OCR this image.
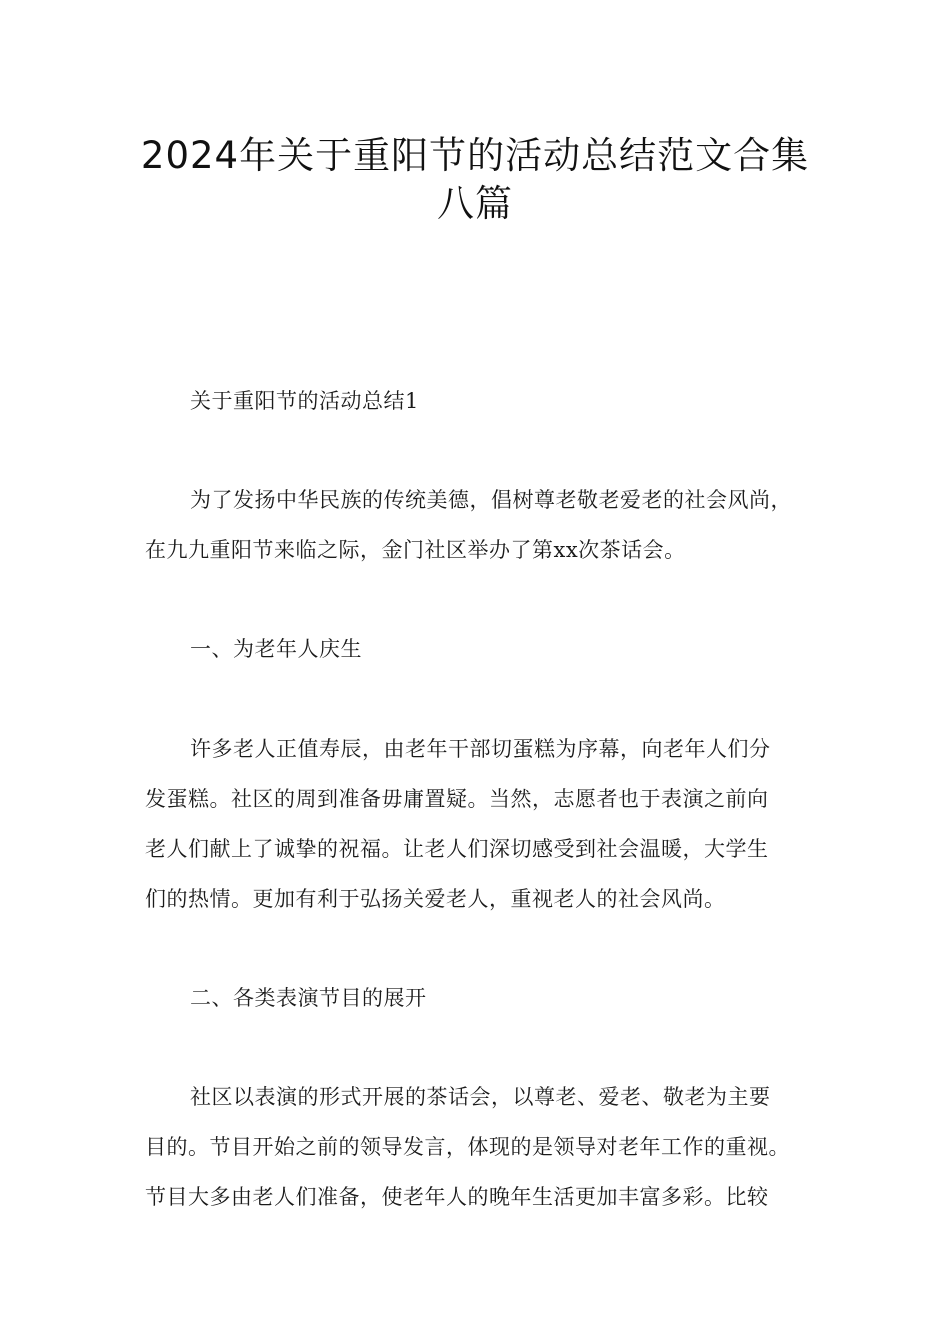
2024年关于重阳节的活动总结范文合集
八篇
关于重阳节的活动总结1
为了发扬中华民族的传统美德，倡树尊老敬老爱老的社会风尚，
在九九重阳节来临之际，金门社区举办了第xx次茶话会。
一、为老年人庆生
许多老人正值寿辰，由老年干部切蛋糕为序幕，向老年人们分
发蛋糕。社区的周到准备毋庸置疑。当然，志愿者也于表演之前向
老人们献上了诚挚的祝福。让老人们深切感受到社会温暖，大学生
们的热情。更加有利于弘扬关爱老人，重视老人的社会风尚。
二、各类表演节目的展开
社区以表演的形式开展的茶话会，以尊老、爱老、敬老为主要
目的。节目开始之前的领导发言，体现的是领导对老年工作的重视。
节目大多由老人们准备，使老年人的晚年生活更加丰富多彩。比较
